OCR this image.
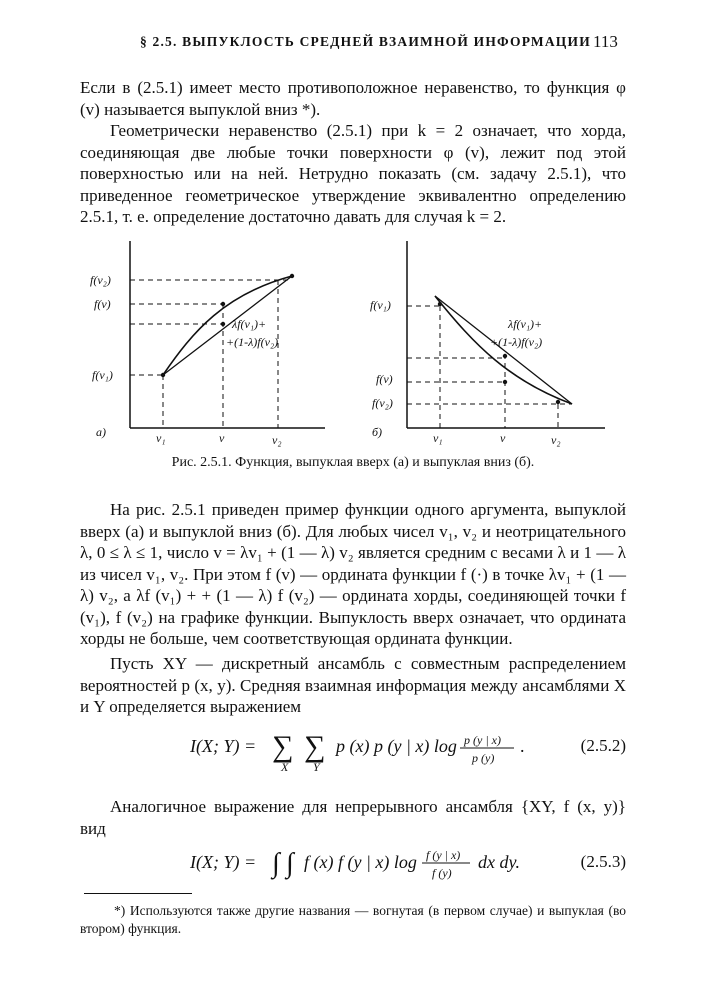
§ 2.5. ВЫПУКЛОСТЬ СРЕДНЕЙ ВЗАИМНОЙ ИНФОРМАЦИИ 113

Если в (2.5.1) имеет место противоположное неравенство, то функция φ (v) называется выпуклой вниз *).

Геометрически неравенство (2.5.1) при k = 2 означает, что хорда, соединяющая две любые точки поверхности φ (v), лежит под этой поверхностью или на ней. Нетрудно показать (см. задачу 2.5.1), что приведенное геометрическое утверждение эквивалентно определению 2.5.1, т. е. определение достаточно давать для случая k = 2.

f(v₂)
f(v)
λf(v₁)+
+(1-λ)f(v₂)
f(v₁)
а)	v₁	v	v₂
f(v₁)
λf(v₁)+
+(1-λ)f(v₂)
f(v)
f(v₂)
б)	v₁	v	v₂
Рис. 2.5.1. Функция, выпуклая вверх (а) и выпуклая вниз (б).

На рис. 2.5.1 приведен пример функции одного аргумента, выпуклой вверх (а) и выпуклой вниз (б). Для любых чисел v₁, v₂ и неотрицательного λ, 0 ≤ λ ≤ 1, число v = λv₁ + (1 — λ) v₂ является средним с весами λ и 1 — λ из чисел v₁, v₂. При этом f (v) — ордината функции f (·) в точке λv₁ + (1 — λ) v₂, а λf (v₁) + + (1 — λ) f (v₂) — ордината хорды, соединяющей точки f (v₁), f (v₂) на графике функции. Выпуклость вверх означает, что ордината хорды не больше, чем соответствующая ордината функции.

Пусть XY — дискретный ансамбль с совместным распределением вероятностей p (x, y). Средняя взаимная информация между ансамблями X и Y определяется выражением

I(X; Y) = ∑
X
∑
Y
p (x) p (y | x) log p (y | x)
p (y)
.	(2.5.2)

Аналогичное выражение для непрерывного ансамбля {XY, f (x, y)} вид

I(X; Y) = ∫ ∫ f (x) f (y | x) log f (y | x)
f (y)
dx dy.	(2.5.3)

*) Используются также другие названия — вогнутая (в первом случае) и выпуклая (во втором) функция.
